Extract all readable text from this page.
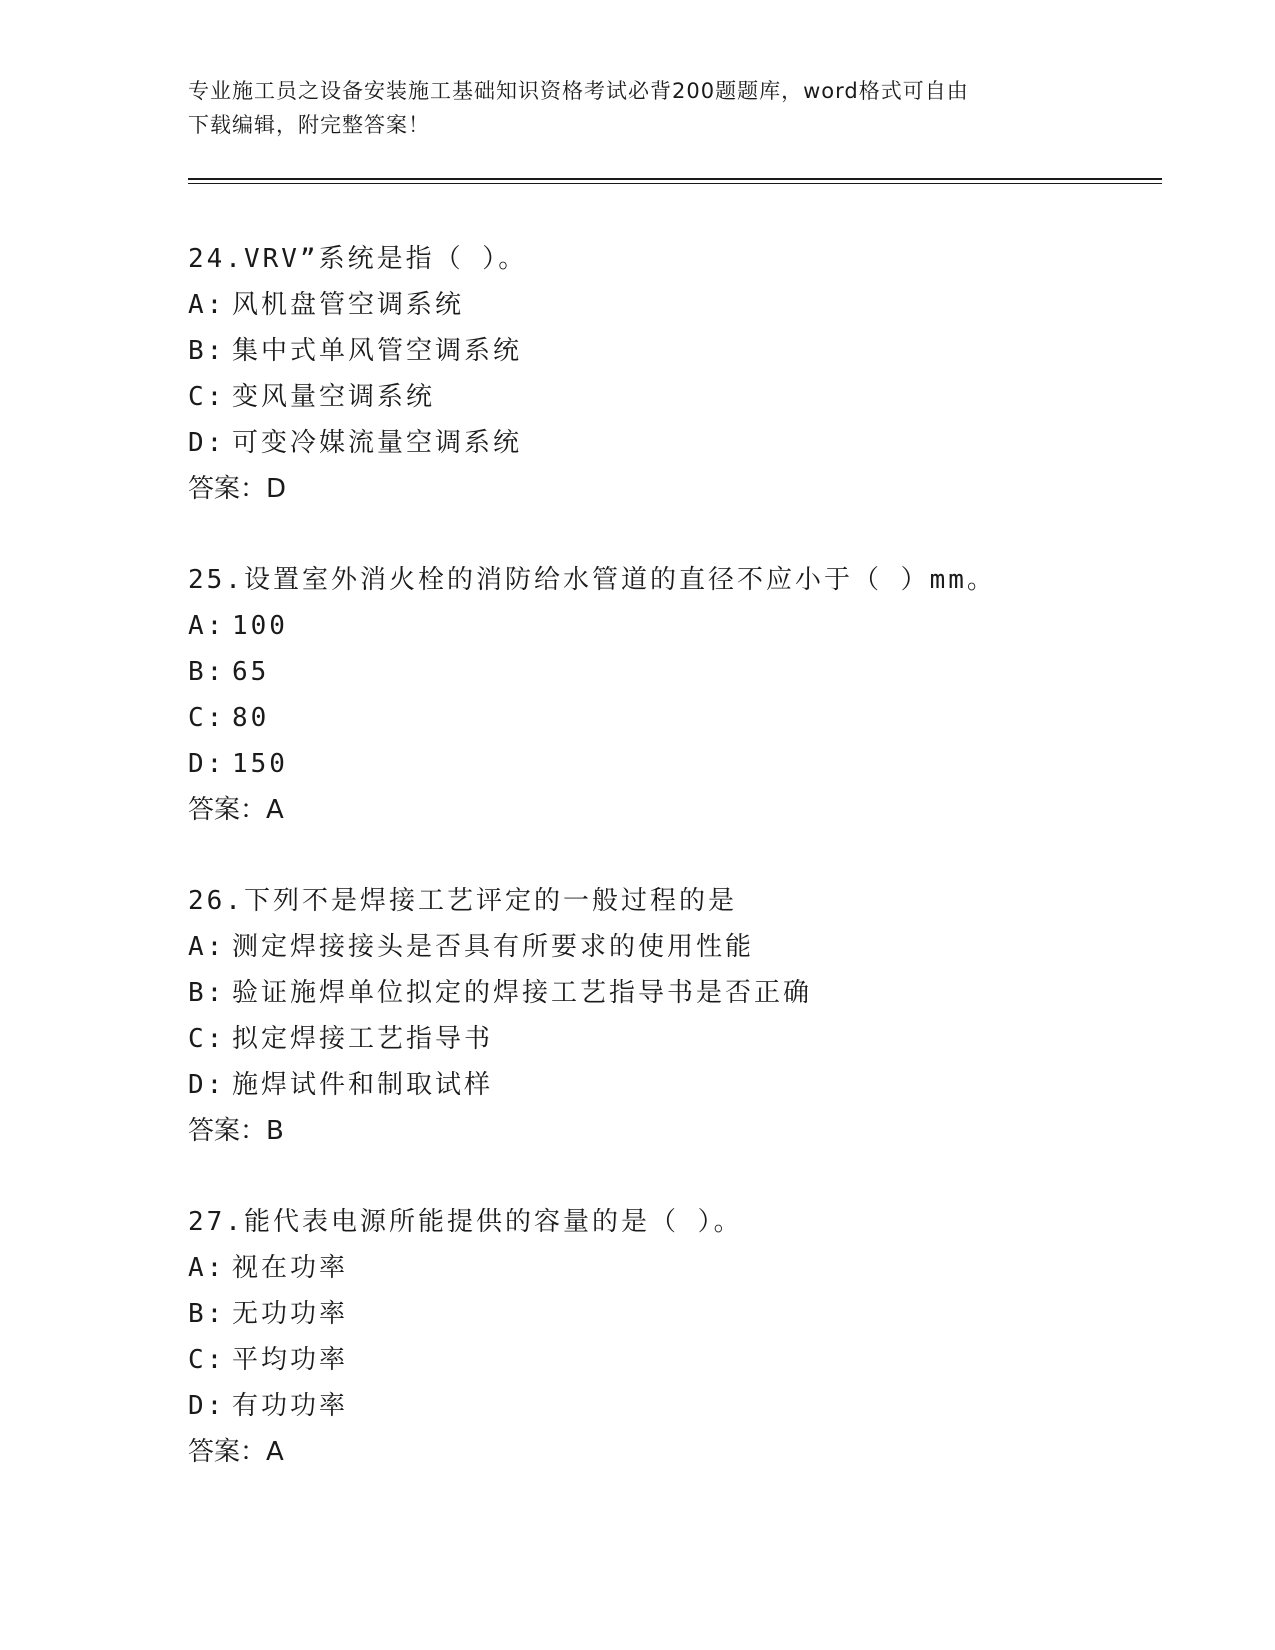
专业施工员之设备安装施工基础知识资格考试必背200题题库，word格式可自由
下载编辑，附完整答案！
24.VRV”系统是指（ ）。
A: 风机盘管空调系统
B: 集中式单风管空调系统
C: 变风量空调系统
D: 可变冷媒流量空调系统
答案：D
25.设置室外消火栓的消防给水管道的直径不应小于（ ）mm。
A: 100
B: 65
C: 80
D: 150
答案：A
26.下列不是焊接工艺评定的一般过程的是
A: 测定焊接接头是否具有所要求的使用性能
B: 验证施焊单位拟定的焊接工艺指导书是否正确
C: 拟定焊接工艺指导书
D: 施焊试件和制取试样
答案：B
27.能代表电源所能提供的容量的是（ ）。
A: 视在功率
B: 无功功率
C: 平均功率
D: 有功功率
答案：A
